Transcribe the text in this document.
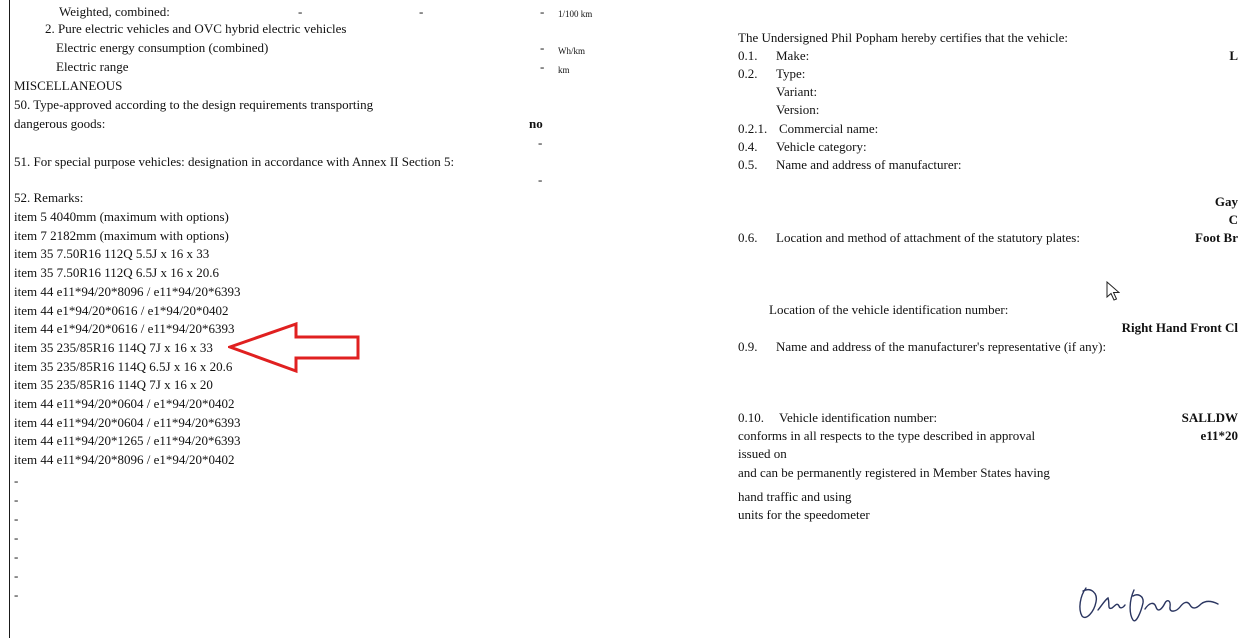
Weighted, combined:	-	-	- 1/100 km
2. Pure electric vehicles and OVC hybrid electric vehicles
Electric energy consumption (combined)	- Wh/km
Electric range	- km
MISCELLANEOUS
50. Type-approved according to the design requirements transporting
dangerous goods:	no
-
51. For special purpose vehicles: designation in accordance with Annex II Section 5:
-
52. Remarks:
item 5 4040mm (maximum with options)
item 7 2182mm (maximum with options)
item 35 7.50R16 112Q 5.5J x 16 x 33
item 35 7.50R16 112Q 6.5J x 16 x 20.6
item 44 e11*94/20*8096 / e11*94/20*6393
item 44 e1*94/20*0616 / e1*94/20*0402
item 44 e1*94/20*0616 / e11*94/20*6393
item 35 235/85R16 114Q 7J x 16 x 33
item 35 235/85R16 114Q 6.5J x 16 x 20.6
item 35 235/85R16 114Q 7J x 16 x 20
item 44 e11*94/20*0604 / e1*94/20*0402
item 44 e11*94/20*0604 / e11*94/20*6393
item 44 e11*94/20*1265 / e11*94/20*6393
item 44 e11*94/20*8096 / e1*94/20*0402
-
-
-
-
-
-
-
The Undersigned Phil Popham hereby certifies that the vehicle:
0.1. Make:	L
0.2. Type:
Variant:
Version:
0.2.1. Commercial name:
0.4. Vehicle category:
0.5. Name and address of manufacturer:
Gay
C
0.6. Location and method of attachment of the statutory plates:	Foot Br
Location of the vehicle identification number:
Right Hand Front Cl
0.9. Name and address of the manufacturer's representative (if any):
0.10. Vehicle identification number:	SALLDW
conforms in all respects to the type described in approval	e11*20
issued on
and can be permanently registered in Member States having
hand traffic and using
units for the speedometer
